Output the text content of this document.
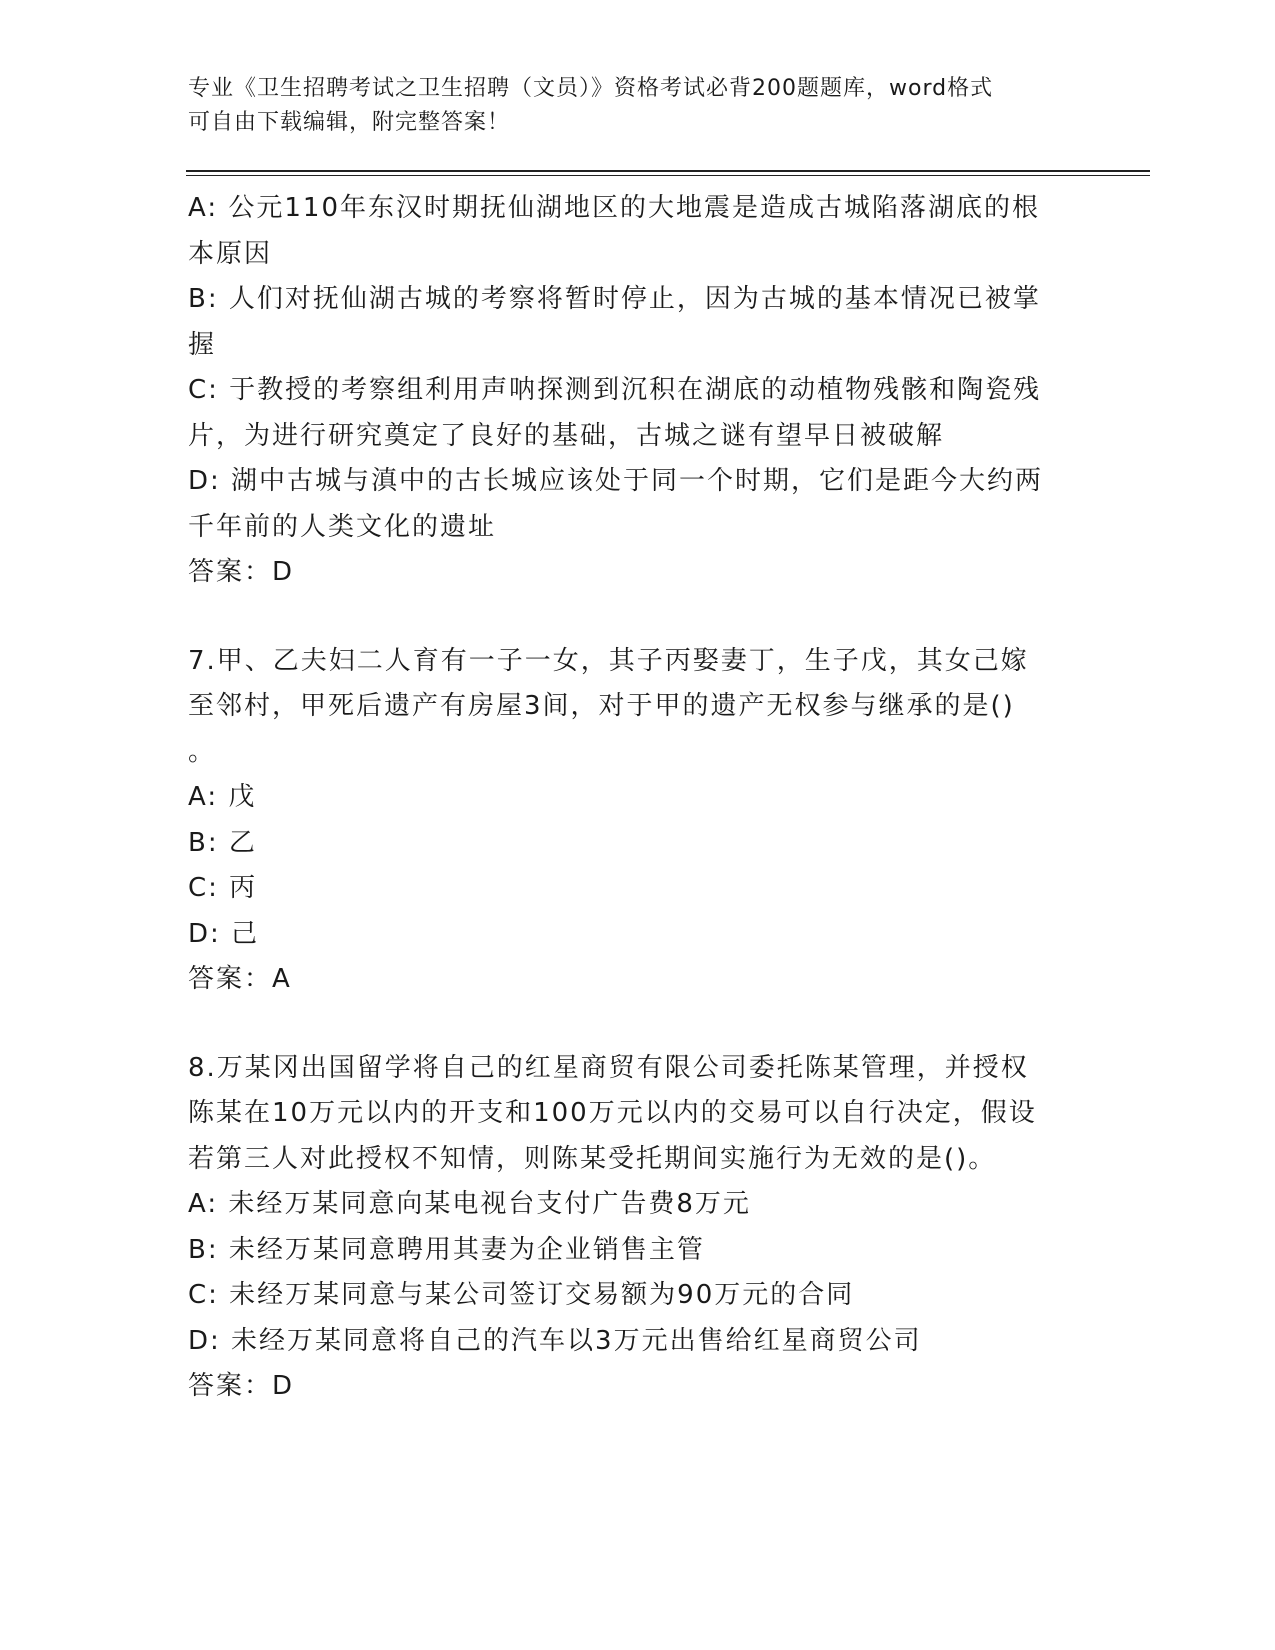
专业《卫生招聘考试之卫生招聘（文员）》资格考试必背200题题库，word格式
可自由下载编辑，附完整答案！
A: 公元110年东汉时期抚仙湖地区的大地震是造成古城陷落湖底的根
本原因
B: 人们对抚仙湖古城的考察将暂时停止，因为古城的基本情况已被掌
握
C: 于教授的考察组利用声呐探测到沉积在湖底的动植物残骸和陶瓷残
片，为进行研究奠定了良好的基础，古城之谜有望早日被破解
D: 湖中古城与滇中的古长城应该处于同一个时期，它们是距今大约两
千年前的人类文化的遗址
答案：D
7.甲、乙夫妇二人育有一子一女，其子丙娶妻丁，生子戊，其女己嫁
至邻村，甲死后遗产有房屋3间，对于甲的遗产无权参与继承的是()
。
A: 戊
B: 乙
C: 丙
D: 己
答案：A
8.万某冈出国留学将自己的红星商贸有限公司委托陈某管理，并授权
陈某在10万元以内的开支和100万元以内的交易可以自行决定，假设
若第三人对此授权不知情，则陈某受托期间实施行为无效的是()。
A: 未经万某同意向某电视台支付广告费8万元
B: 未经万某同意聘用其妻为企业销售主管
C: 未经万某同意与某公司签订交易额为90万元的合同
D: 未经万某同意将自己的汽车以3万元出售给红星商贸公司
答案：D
